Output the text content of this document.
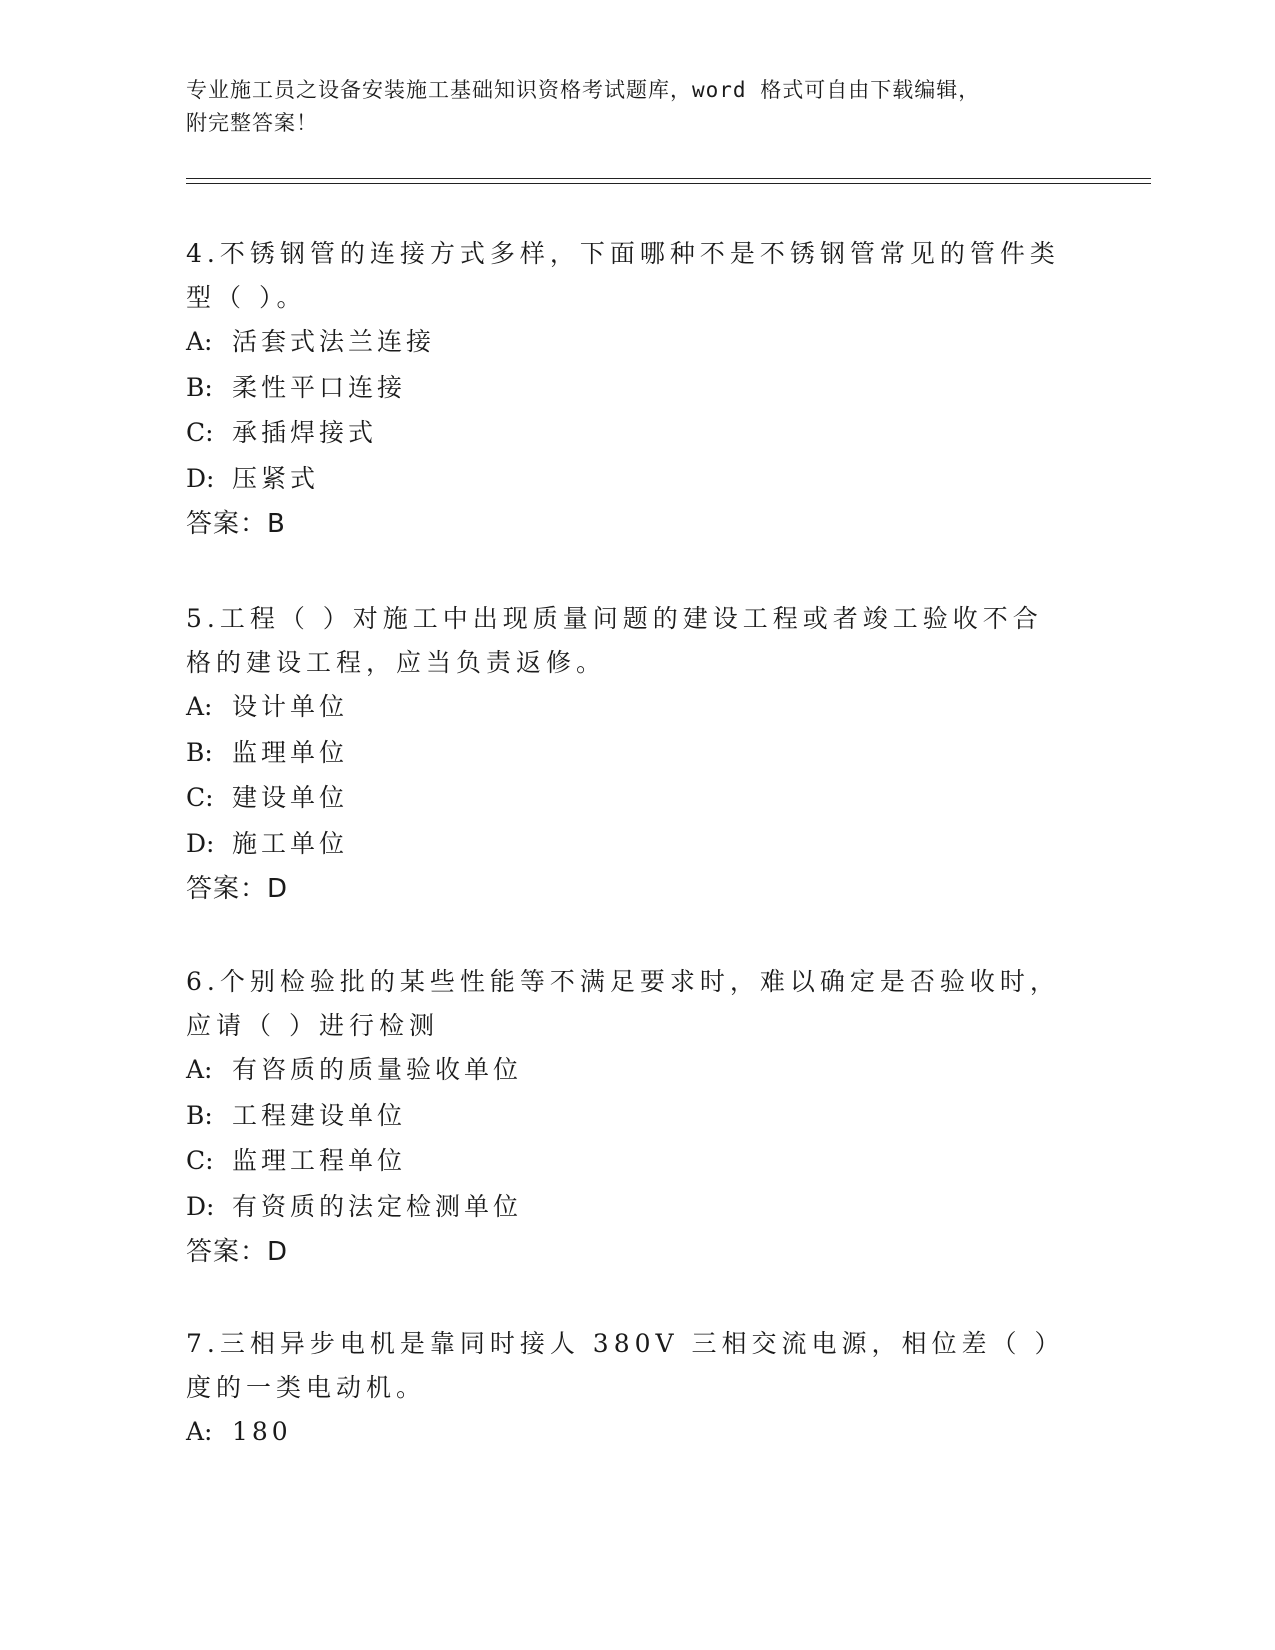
专业施工员之设备安装施工基础知识资格考试题库，word 格式可自由下载编辑，
附完整答案！

4.不锈钢管的连接方式多样，下面哪种不是不锈钢管常见的管件类型（ ）。

A: 活套式法兰连接
B: 柔性平口连接
C: 承插焊接式
D: 压紧式
答案：B

5.工程（ ）对施工中出现质量问题的建设工程或者竣工验收不合格的建设工程，应当负责返修。

A: 设计单位
B: 监理单位
C: 建设单位
D: 施工单位
答案：D

6.个别检验批的某些性能等不满足要求时，难以确定是否验收时，应请（ ）进行检测

A: 有咨质的质量验收单位
B: 工程建设单位
C: 监理工程单位
D: 有资质的法定检测单位
答案：D

7.三相异步电机是靠同时接人 380V 三相交流电源，相位差（ ）度的一类电动机。

A: 180
